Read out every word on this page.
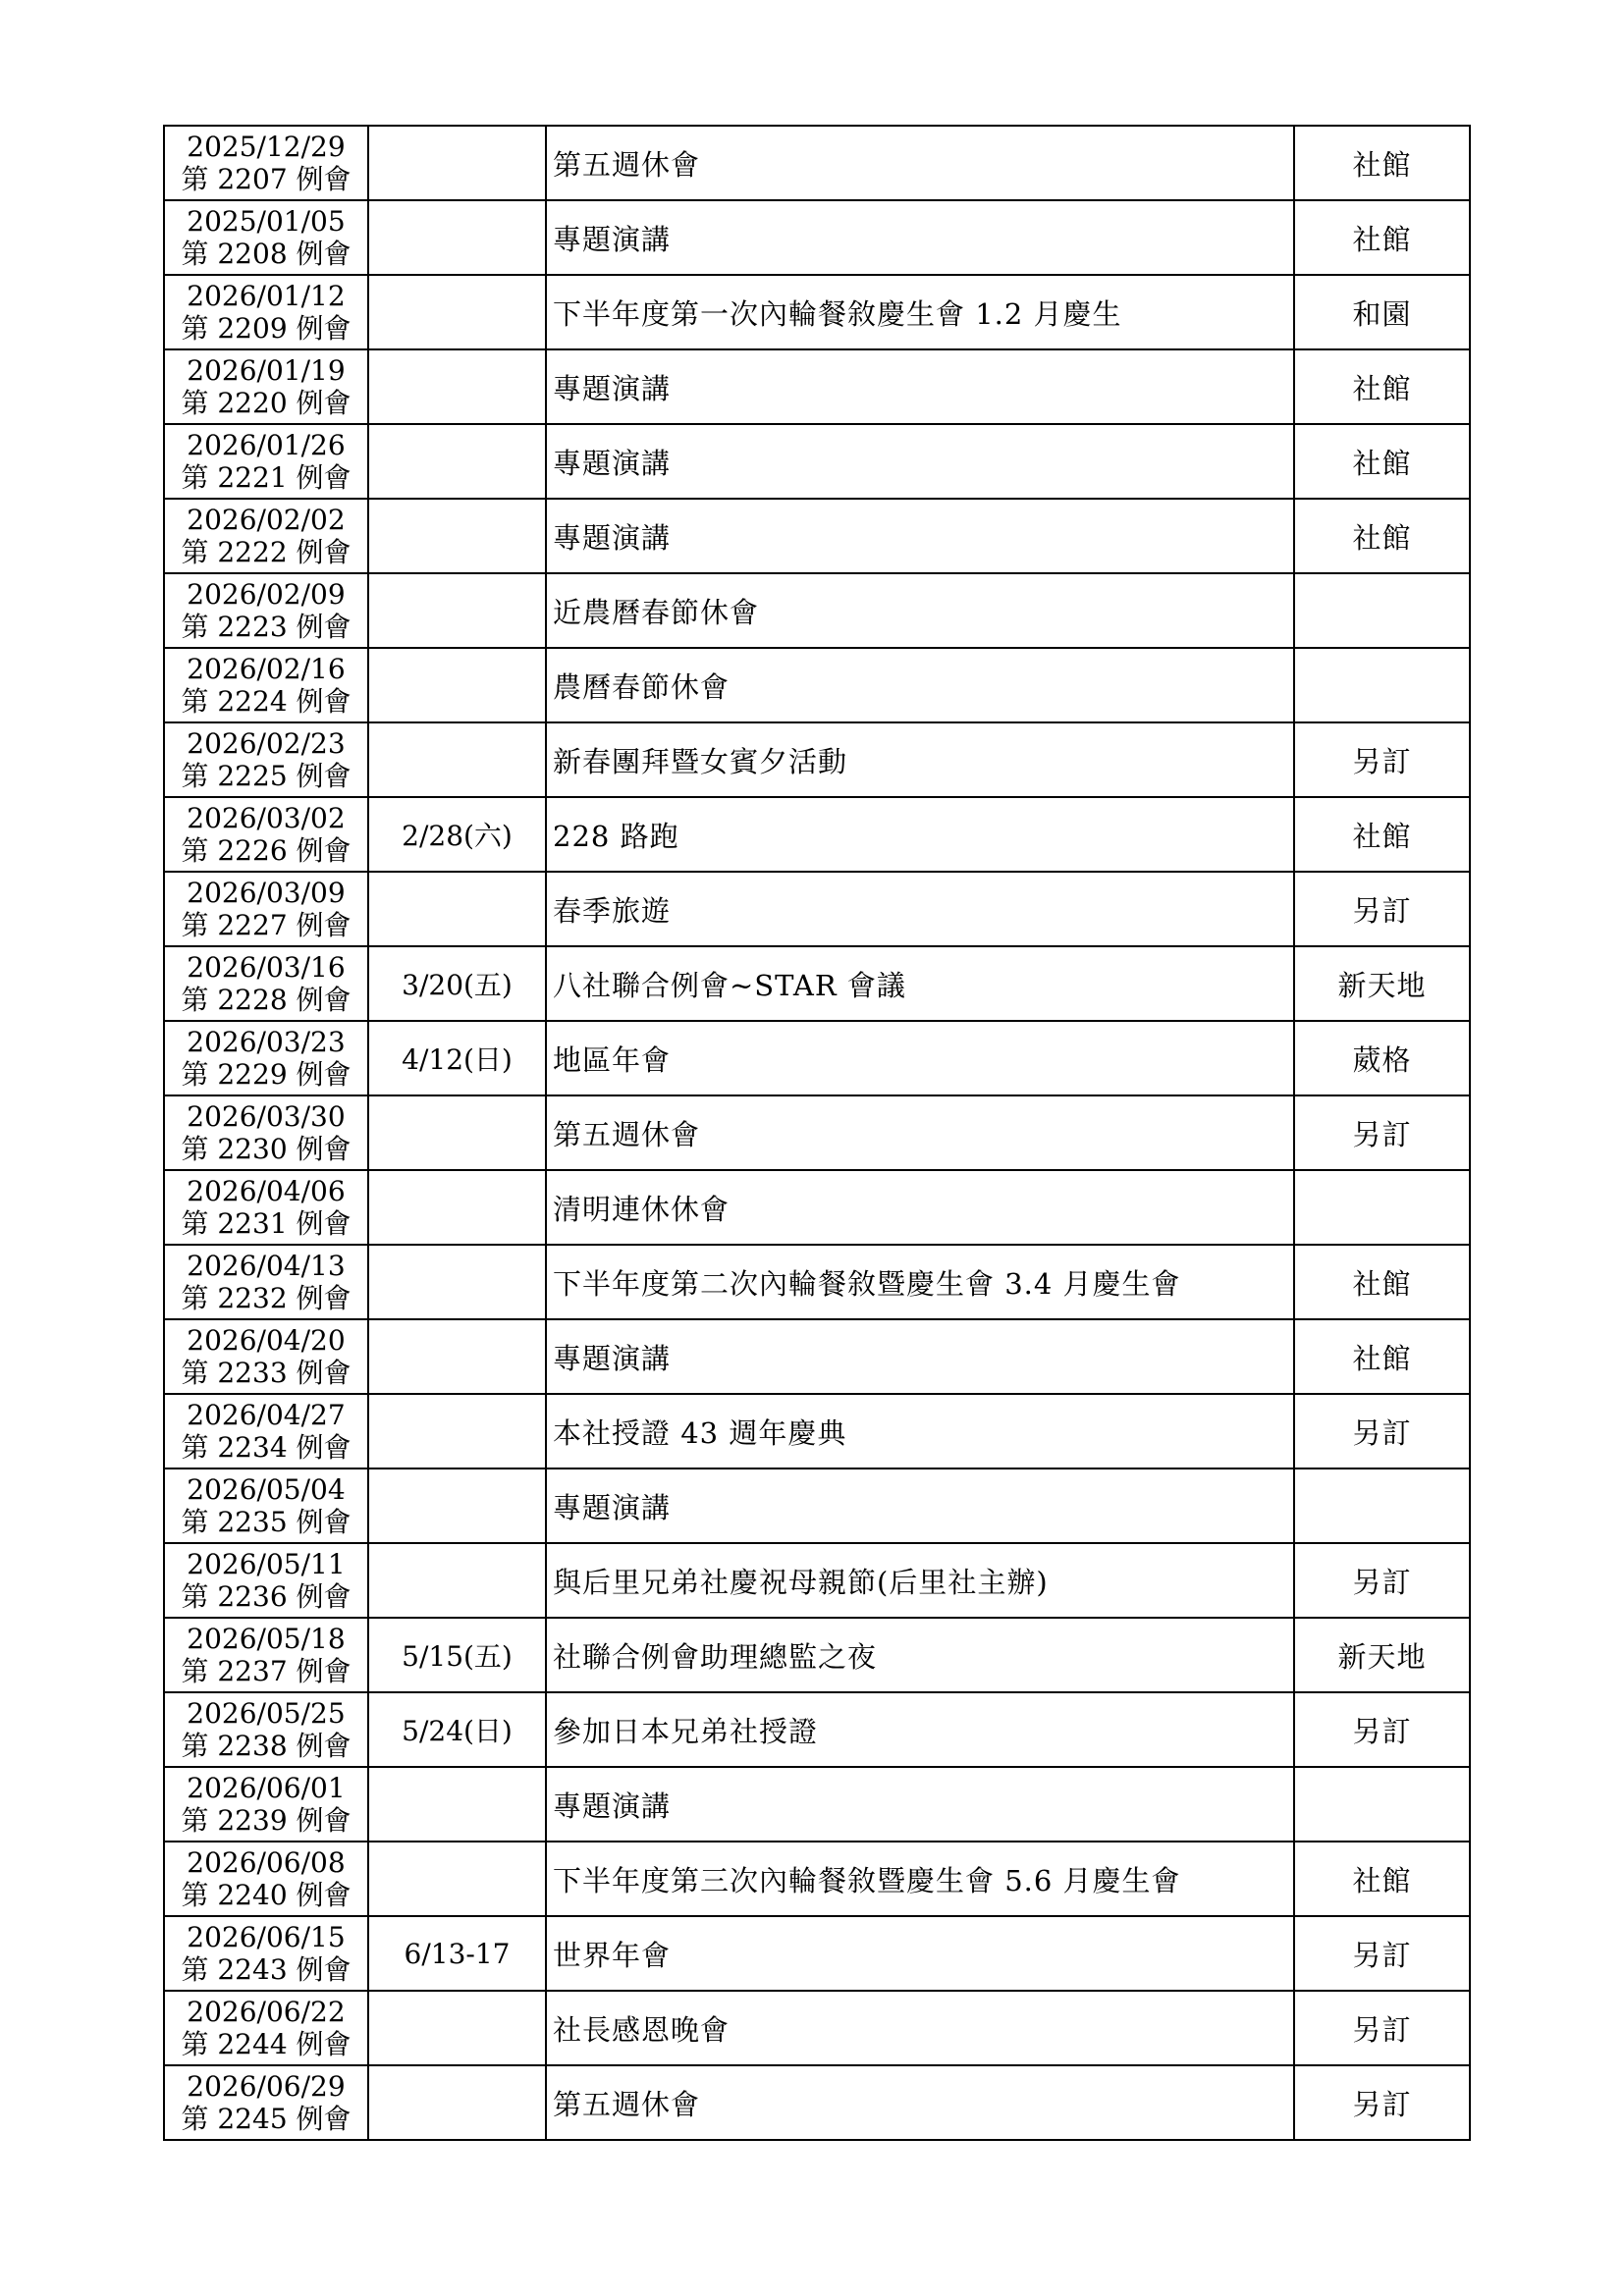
2025/12/29
第 2207 例會		第五週休會	社館

2025/01/05
第 2208 例會		專題演講	社館

2026/01/12
第 2209 例會		下半年度第一次內輪餐敘慶生會 1.2 月慶生	和園

2026/01/19
第 2220 例會		專題演講	社館

2026/01/26
第 2221 例會		專題演講	社館

2026/02/02
第 2222 例會		專題演講	社館

2026/02/09
第 2223 例會		近農曆春節休會	

2026/02/16
第 2224 例會		農曆春節休會	

2026/02/23
第 2225 例會		新春團拜暨女賓夕活動	另訂

2026/03/02
第 2226 例會	2/28(六)	228 路跑	社館

2026/03/09
第 2227 例會		春季旅遊	另訂

2026/03/16
第 2228 例會	3/20(五)	八社聯合例會~STAR 會議	新天地

2026/03/23
第 2229 例會	4/12(日)	地區年會	葳格

2026/03/30
第 2230 例會		第五週休會	另訂

2026/04/06
第 2231 例會		清明連休休會	

2026/04/13
第 2232 例會		下半年度第二次內輪餐敘暨慶生會 3.4 月慶生會	社館

2026/04/20
第 2233 例會		專題演講	社館

2026/04/27
第 2234 例會		本社授證 43 週年慶典	另訂

2026/05/04
第 2235 例會		專題演講	

2026/05/11
第 2236 例會		與后里兄弟社慶祝母親節(后里社主辦)	另訂

2026/05/18
第 2237 例會	5/15(五)	社聯合例會助理總監之夜	新天地

2026/05/25
第 2238 例會	5/24(日)	參加日本兄弟社授證	另訂

2026/06/01
第 2239 例會		專題演講	

2026/06/08
第 2240 例會		下半年度第三次內輪餐敘暨慶生會 5.6 月慶生會	社館

2026/06/15
第 2243 例會	6/13-17	世界年會	另訂

2026/06/22
第 2244 例會		社長感恩晚會	另訂

2026/06/29
第 2245 例會		第五週休會	另訂
